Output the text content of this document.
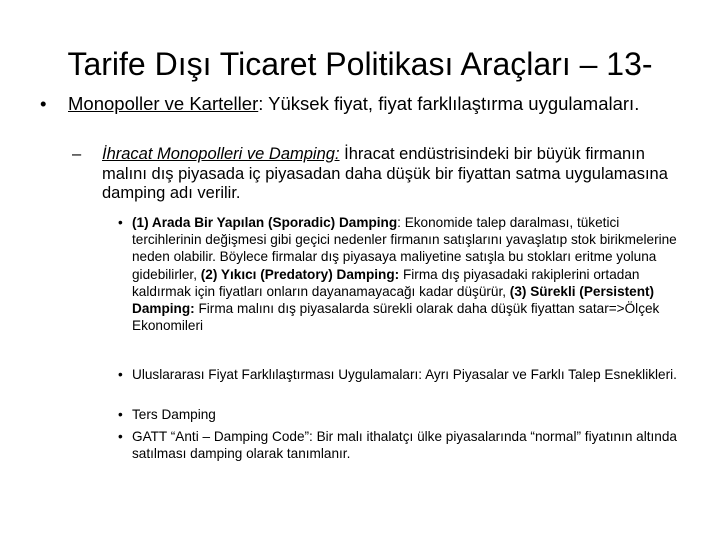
Tarife Dışı Ticaret Politikası Araçları – 13-
• Monopoller ve Karteller: Yüksek fiyat, fiyat farklılaştırma uygulamaları.
– İhracat Monopolleri ve Damping: İhracat endüstrisindeki bir büyük firmanın malını dış piyasada iç piyasadan daha düşük bir fiyattan satma uygulamasına damping adı verilir.
• (1) Arada Bir Yapılan (Sporadic) Damping: Ekonomide talep daralması, tüketici tercihlerinin değişmesi gibi geçici nedenler firmanın satışlarını yavaşlatıp stok birikmelerine neden olabilir. Böylece firmalar dış piyasaya maliyetine satışla bu stokları eritme yoluna gidebilirler, (2) Yıkıcı (Predatory) Damping: Firma dış piyasadaki rakiplerini ortadan kaldırmak için fiyatları onların dayanamayacağı kadar düşürür, (3) Sürekli (Persistent) Damping: Firma malını dış piyasalarda sürekli olarak daha düşük fiyattan satar=>Ölçek Ekonomileri
• Uluslararası Fiyat Farklılaştırması Uygulamaları: Ayrı Piyasalar ve Farklı Talep Esneklikleri.
• Ters Damping
• GATT “Anti – Damping Code”: Bir malı ithalatçı ülke piyasalarında “normal” fiyatının altında satılması damping olarak tanımlanır.
